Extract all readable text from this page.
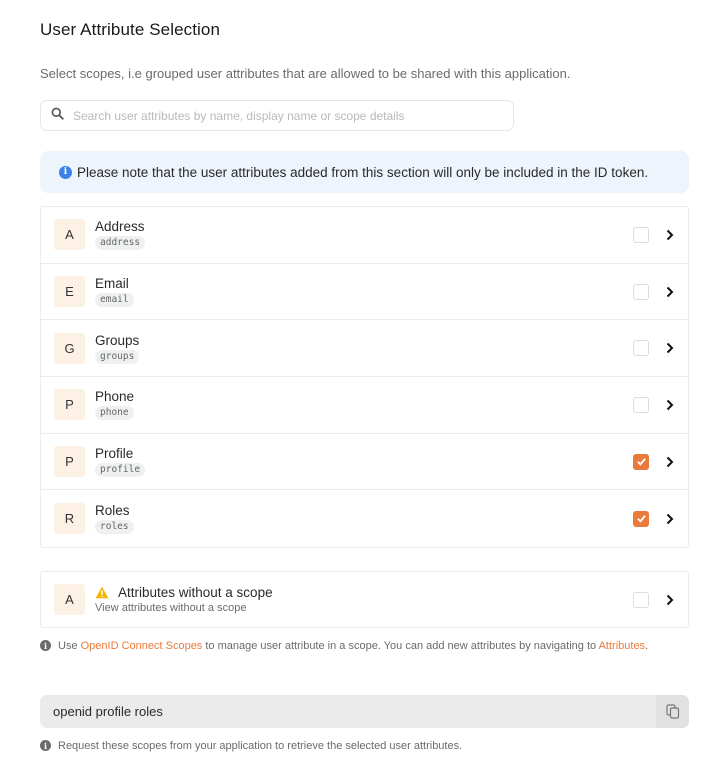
User Attribute Selection
Select scopes, i.e grouped user attributes that are allowed to be shared with this application.
Search user attributes by name, display name or scope details
i Please note that the user attributes added from this section will only be included in the ID token.
A
Address
address
E
Email
email
G
Groups
groups
P
Phone
phone
P
Profile
profile
R
Roles
roles
A	Attributes without a scope
View attributes without a scope
i Use OpenID Connect Scopes to manage user attribute in a scope. You can add new attributes by navigating to Attributes.
openid profile roles
i Request these scopes from your application to retrieve the selected user attributes.
